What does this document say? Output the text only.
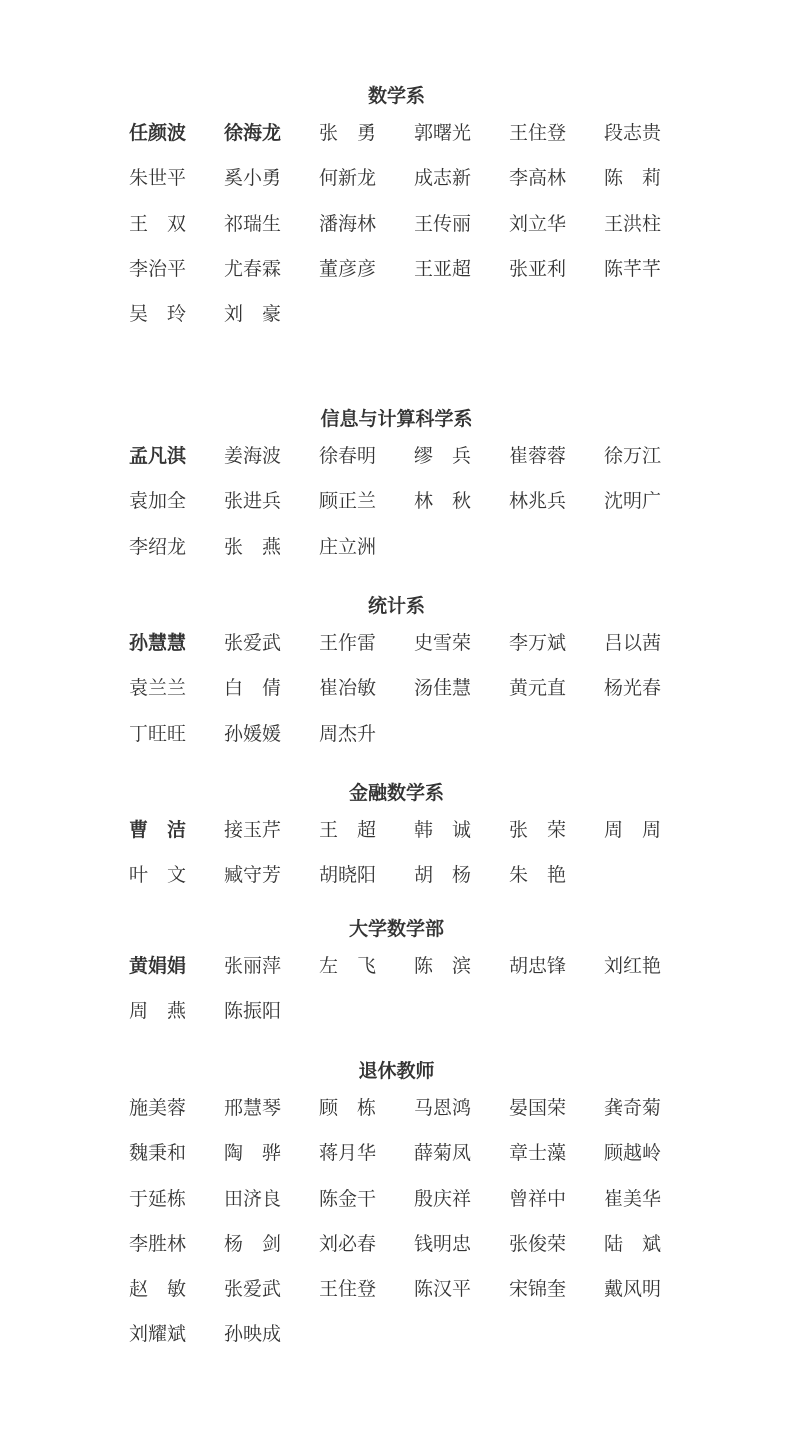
数学系
任颜波	徐海龙	张　勇	郭曙光	王住登	段志贵
朱世平	奚小勇	何新龙	成志新	李高林	陈　莉
王　双	祁瑞生	潘海林	王传丽	刘立华	王洪柱
李治平	尤春霖	董彦彦	王亚超	张亚利	陈芊芊
吴　玲	刘　豪
信息与计算科学系
孟凡淇	姜海波	徐春明	缪　兵	崔蓉蓉	徐万江
袁加全	张进兵	顾正兰	林　秋	林兆兵	沈明广
李绍龙	张　燕	庄立洲
统计系
孙慧慧	张爱武	王作雷	史雪荣	李万斌	吕以茜
袁兰兰	白　倩	崔冶敏	汤佳慧	黄元直	杨光春
丁旺旺	孙媛媛	周杰升
金融数学系
曹　洁	接玉芹	王　超	韩　诚	张　荣	周　周
叶　文	臧守芳	胡晓阳	胡　杨	朱　艳
大学数学部
黄娟娟	张丽萍	左　飞	陈　滨	胡忠锋	刘红艳
周　燕	陈振阳
退休教师
施美蓉	邢慧琴	顾　栋	马恩鸿	晏国荣	龚奇菊
魏秉和	陶　骅	蒋月华	薛菊凤	章士藻	顾越岭
于延栋	田济良	陈金干	殷庆祥	曾祥中	崔美华
李胜林	杨　剑	刘必春	钱明忠	张俊荣	陆　斌
赵　敏	张爱武	王住登	陈汉平	宋锦奎	戴风明
刘耀斌	孙映成
